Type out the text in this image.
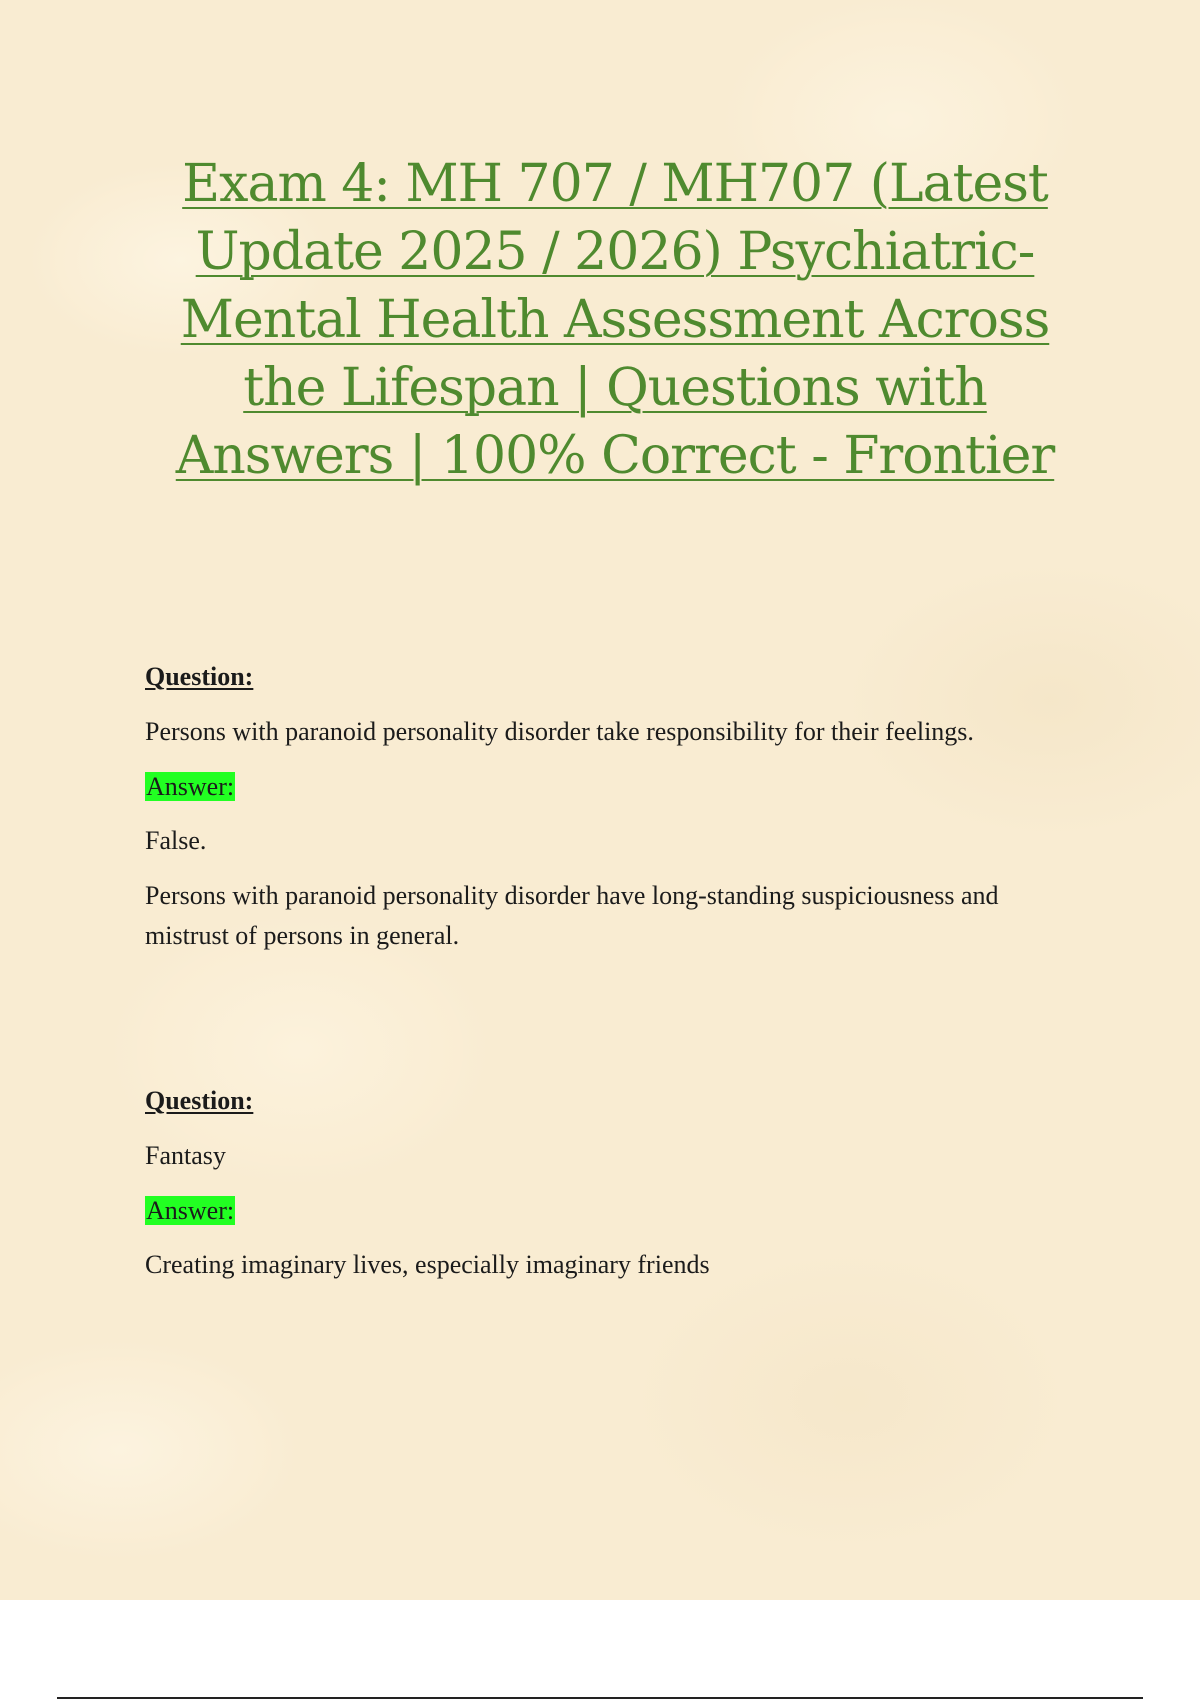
Exam 4: MH 707 / MH707 (Latest Update 2025 / 2026) Psychiatric-Mental Health Assessment Across the Lifespan | Questions with Answers | 100% Correct - Frontier

Question:

Persons with paranoid personality disorder take responsibility for their feelings.

Answer:

False.

Persons with paranoid personality disorder have long-standing suspiciousness and mistrust of persons in general.

Question:

Fantasy

Answer:

Creating imaginary lives, especially imaginary friends
